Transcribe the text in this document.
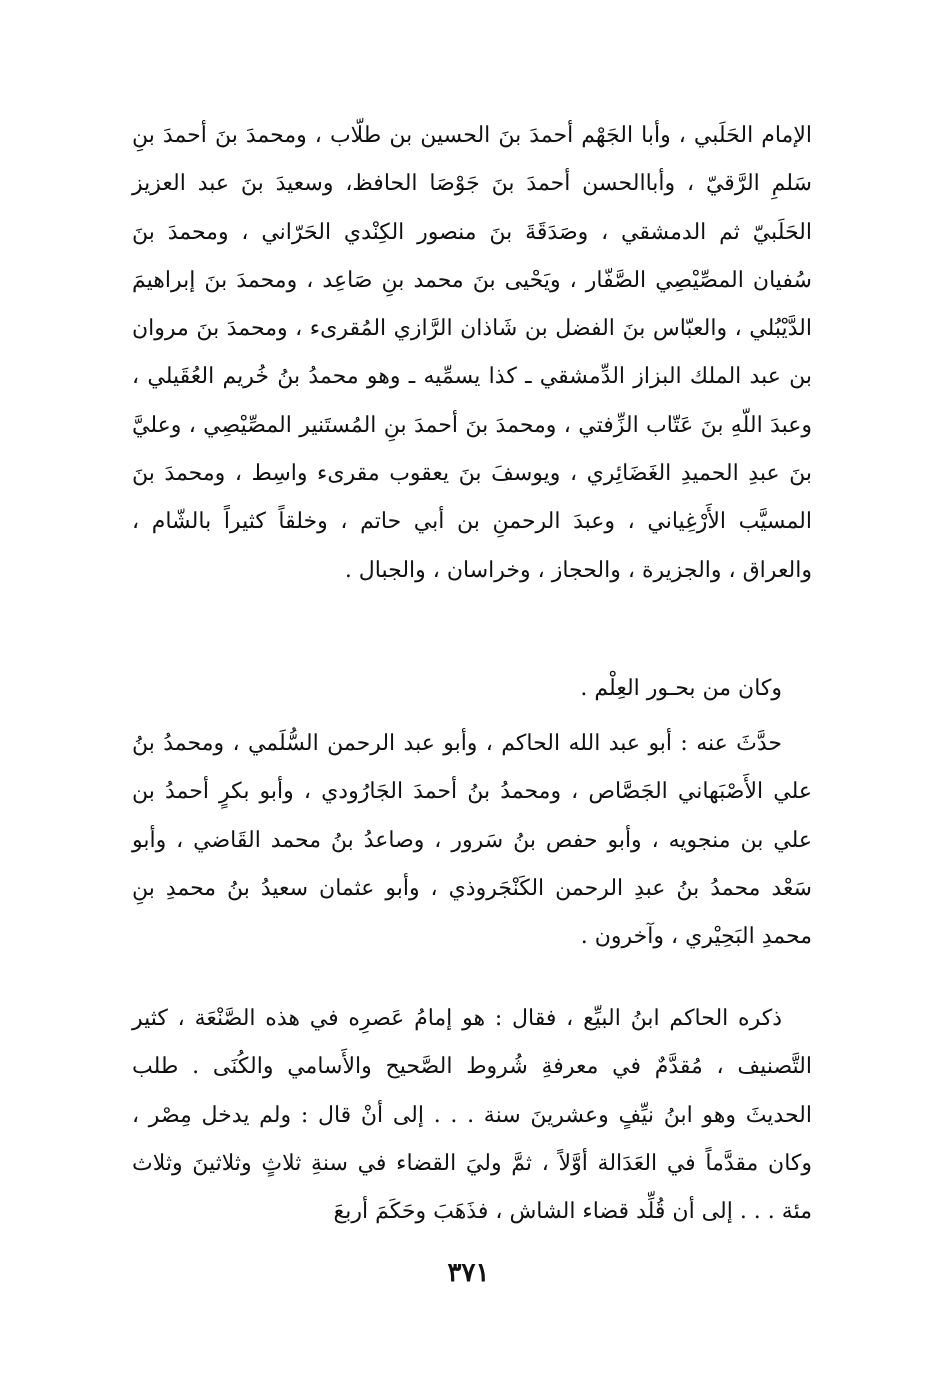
الإمام الحَلَبي ، وأبا الجَهْم أحمدَ بنَ الحسين بن طلّاب ، ومحمدَ بنَ أحمدَ بنِ سَلمِ الرَّقيّ ، وأباالحسن أحمدَ بنَ جَوْصَا الحافظ، وسعيدَ بنَ عبد العزيز الحَلَبيّ ثم الدمشقي ، وصَدَقَةَ بنَ منصور الكِنْدي الحَرّاني ، ومحمدَ بنَ سُفيان المصِّيْصِي الصَّفّار ، ويَحْيى بنَ محمد بنِ صَاعِد ، ومحمدَ بنَ إبراهيمَ الدَّيْبُلي ، والعبّاس بنَ الفضل بن شَاذان الرَّازي المُقرىء ، ومحمدَ بنَ مروان بن عبد الملك البزاز الدِّمشقي ـ كذا يسمِّيه ـ وهو محمدُ بنُ خُريم العُقَيلي ، وعبدَ اللّهِ بنَ عَتّاب الزِّفتي ، ومحمدَ بنَ أحمدَ بنِ المُستَنير المصِّيْصِي ، وعليَّ بنَ عبدِ الحميدِ الغَضَائِري ، ويوسفَ بنَ يعقوب مقرىء واسِط ، ومحمدَ بنَ المسيَّب الأَرْغِياني ، وعبدَ الرحمنِ بن أبي حاتم ، وخلقاً كثيراً بالشّام ، والعراق ، والجزيرة ، والحجاز ، وخراسان ، والجبال .

وكان من بحـور العِلْم .

حدَّثَ عنه : أبو عبد الله الحاكم ، وأبو عبد الرحمن السُّلَمي ، ومحمدُ بنُ علي الأَصْبَهاني الجَصَّاص ، ومحمدُ بنُ أحمدَ الجَارُودي ، وأبو بكرٍ أحمدُ بن علي بن منجويه ، وأبو حفص بنُ سَرور ، وصاعدُ بنُ محمد القَاضي ، وأبو سَعْد محمدُ بنُ عبدِ الرحمن الكَنْجَروذي ، وأبو عثمان سعيدُ بنُ محمدِ بنِ محمدِ البَحِيْري ، وآخرون .

ذكره الحاكم ابنُ البيِّع ، فقال : هو إمامُ عَصرِه في هذه الصَّنْعَة ، كثير التَّصنيف ، مُقدَّمٌ في معرفةِ شُروط الصَّحيح والأَسامي والكُنَى . طلب الحديثَ وهو ابنُ نيِّفٍ وعشرينَ سنة . . . إلى أنْ قال : ولم يدخل مِصْر ، وكان مقدَّماً في العَدَالة أوَّلاً ، ثمَّ وليَ القضاء في سنةِ ثلاثٍ وثلاثينَ وثلاث مئة . . . إلى أن قُلِّد قضاء الشاش ، فذَهَبَ وحَكَمَ أربعَ

٣٧١
